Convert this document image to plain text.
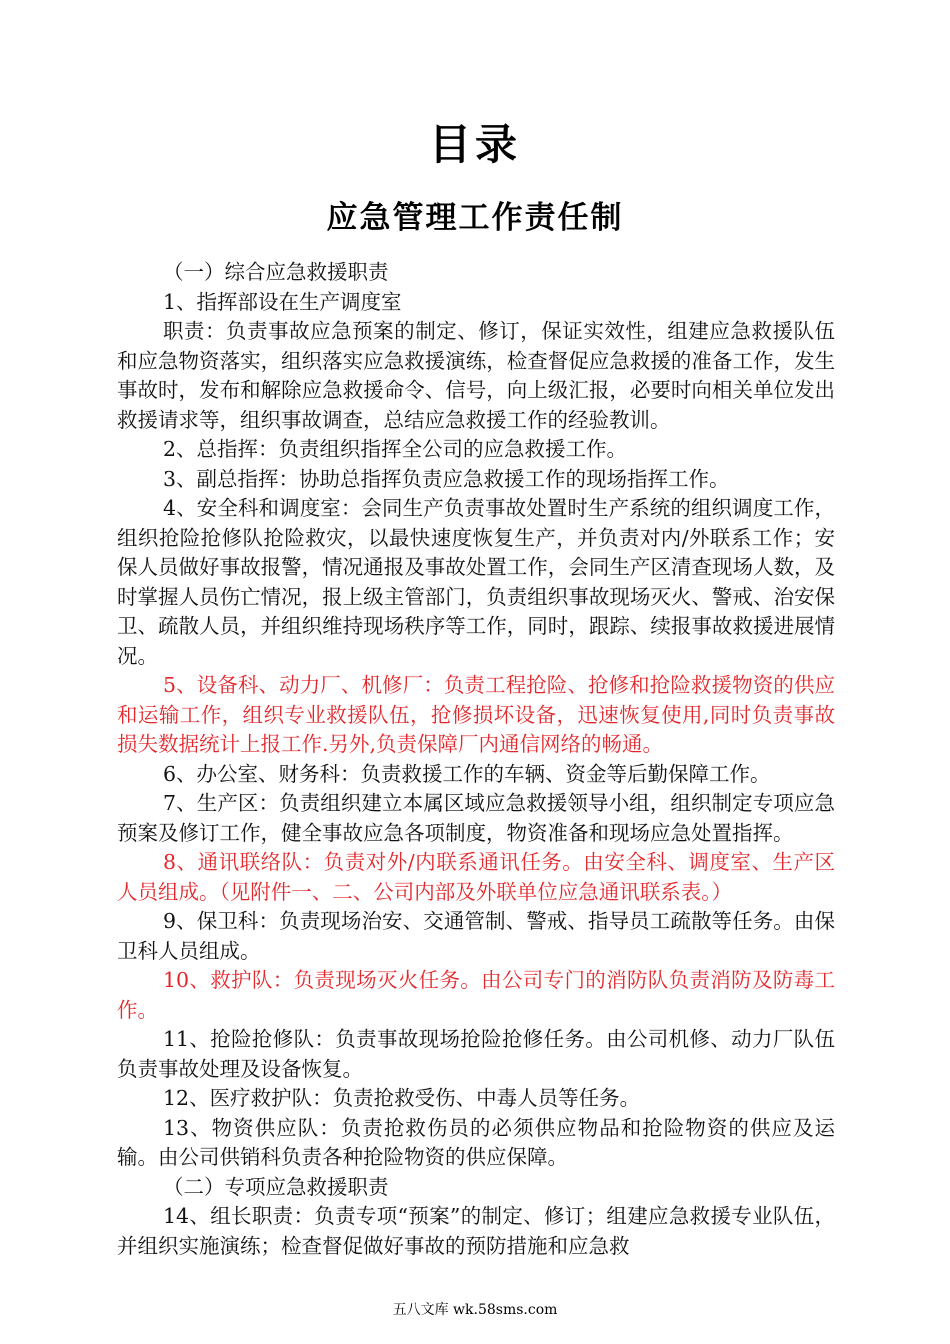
目录
应急管理工作责任制

（一）综合应急救援职责

1、指挥部设在生产调度室

职责：负责事故应急预案的制定、修订，保证实效性，组建应急救援队伍和应急物资落实，组织落实应急救援演练，检查督促应急救援的准备工作，发生事故时，发布和解除应急救援命令、信号，向上级汇报，必要时向相关单位发出救援请求等，组织事故调查，总结应急救援工作的经验教训。

2、总指挥：负责组织指挥全公司的应急救援工作。

3、副总指挥：协助总指挥负责应急救援工作的现场指挥工作。

4、安全科和调度室：会同生产负责事故处置时生产系统的组织调度工作，组织抢险抢修队抢险救灾，以最快速度恢复生产，并负责对内/外联系工作；安保人员做好事故报警，情况通报及事故处置工作，会同生产区清查现场人数，及时掌握人员伤亡情况，报上级主管部门，负责组织事故现场灭火、警戒、治安保卫、疏散人员，并组织维持现场秩序等工作，同时，跟踪、续报事故救援进展情况。

5、设备科、动力厂、机修厂：负责工程抢险、抢修和抢险救援物资的供应和运输工作，组织专业救援队伍，抢修损坏设备，迅速恢复使用,同时负责事故损失数据统计上报工作.另外,负责保障厂内通信网络的畅通。

6、办公室、财务科：负责救援工作的车辆、资金等后勤保障工作。

7、生产区：负责组织建立本属区域应急救援领导小组，组织制定专项应急预案及修订工作，健全事故应急各项制度，物资准备和现场应急处置指挥。

8、通讯联络队：负责对外/内联系通讯任务。由安全科、调度室、生产区人员组成。（见附件一、二、公司内部及外联单位应急通讯联系表。）

9、保卫科：负责现场治安、交通管制、警戒、指导员工疏散等任务。由保卫科人员组成。

10、救护队：负责现场灭火任务。由公司专门的消防队负责消防及防毒工作。

11、抢险抢修队：负责事故现场抢险抢修任务。由公司机修、动力厂队伍负责事故处理及设备恢复。

12、医疗救护队：负责抢救受伤、中毒人员等任务。

13、物资供应队：负责抢救伤员的必须供应物品和抢险物资的供应及运输。由公司供销科负责各种抢险物资的供应保障。

（二）专项应急救援职责

14、组长职责：负责专项“预案”的制定、修订；组建应急救援专业队伍，并组织实施演练；检查督促做好事故的预防措施和应急救

五八文库 wk.58sms.com
